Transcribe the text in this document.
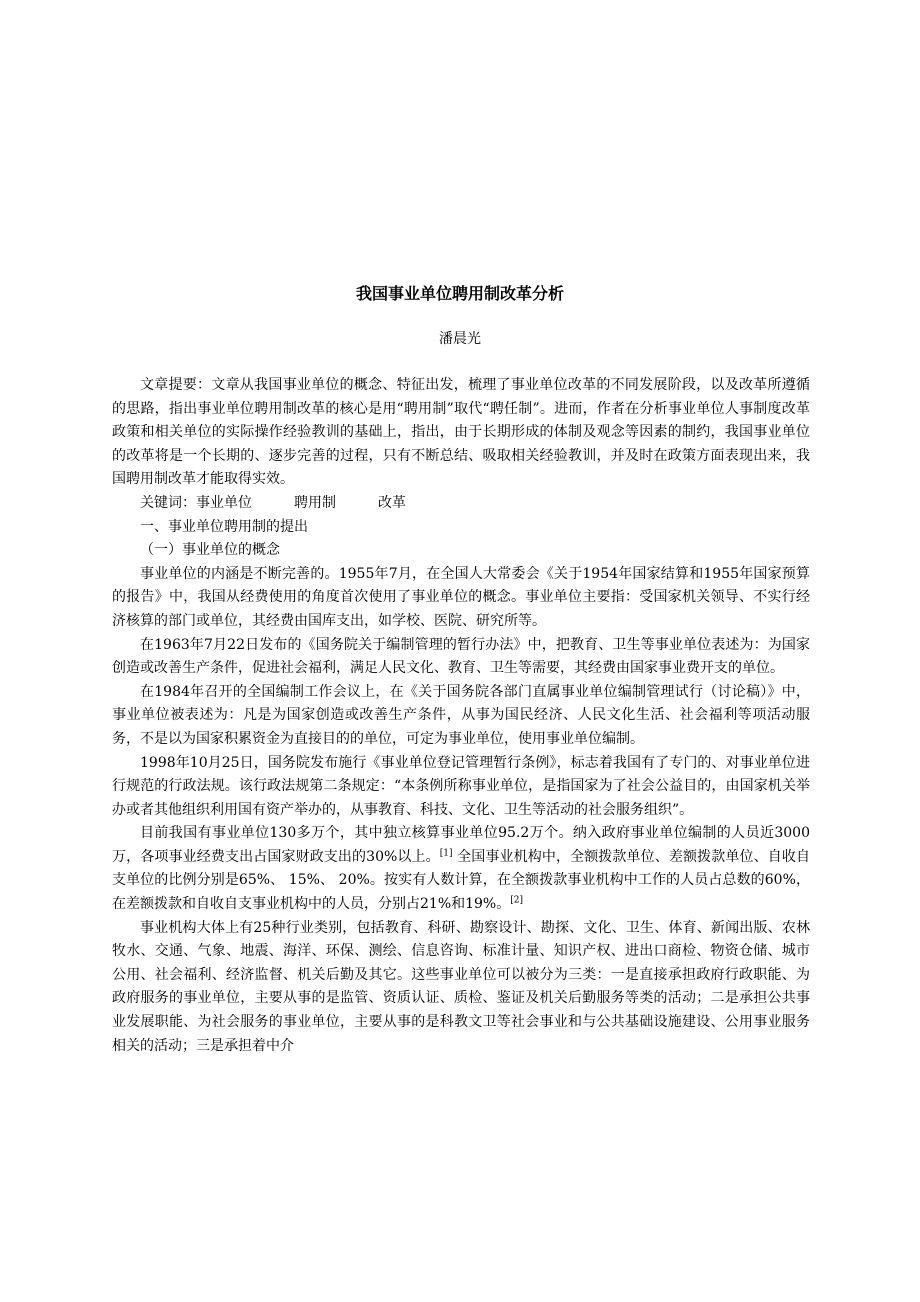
我国事业单位聘用制改革分析
潘晨光

文章提要：文章从我国事业单位的概念、特征出发，梳理了事业单位改革的不同发展阶段，以及改革所遵循的思路，指出事业单位聘用制改革的核心是用“聘用制”取代“聘任制”。进而，作者在分析事业单位人事制度改革政策和相关单位的实际操作经验教训的基础上，指出，由于长期形成的体制及观念等因素的制约，我国事业单位的改革将是一个长期的、逐步完善的过程，只有不断总结、吸取相关经验教训，并及时在政策方面表现出来，我国聘用制改革才能取得实效。

关键词：事业单位	聘用制	改革

一、事业单位聘用制的提出

（一）事业单位的概念

事业单位的内涵是不断完善的。1955年7月，在全国人大常委会《关于1954年国家结算和1955年国家预算的报告》中，我国从经费使用的角度首次使用了事业单位的概念。事业单位主要指：受国家机关领导、不实行经济核算的部门或单位，其经费由国库支出，如学校、医院、研究所等。

在1963年7月22日发布的《国务院关于编制管理的暂行办法》中，把教育、卫生等事业单位表述为：为国家创造或改善生产条件，促进社会福利，满足人民文化、教育、卫生等需要，其经费由国家事业费开支的单位。

在1984年召开的全国编制工作会议上，在《关于国务院各部门直属事业单位编制管理试行（讨论稿）》中，事业单位被表述为：凡是为国家创造或改善生产条件，从事为国民经济、人民文化生活、社会福利等项活动服务，不是以为国家积累资金为直接目的的单位，可定为事业单位，使用事业单位编制。

1998年10月25日，国务院发布施行《事业单位登记管理暂行条例》，标志着我国有了专门的、对事业单位进行规范的行政法规。该行政法规第二条规定：“本条例所称事业单位，是指国家为了社会公益目的，由国家机关举办或者其他组织利用国有资产举办的，从事教育、科技、文化、卫生等活动的社会服务组织”。

目前我国有事业单位130多万个，其中独立核算事业单位95.2万个。纳入政府事业单位编制的人员近3000万，各项事业经费支出占国家财政支出的30%以上。[1] 全国事业机构中，全额拨款单位、差额拨款单位、自收自支单位的比例分别是65%、 15%、 20%。按实有人数计算，在全额拨款事业机构中工作的人员占总数的60%，在差额拨款和自收自支事业机构中的人员，分别占21%和19%。[2]

事业机构大体上有25种行业类别，包括教育、科研、勘察设计、勘探、文化、卫生、体育、新闻出版、农林牧水、交通、气象、地震、海洋、环保、测绘、信息咨询、标准计量、知识产权、进出口商检、物资仓储、城市公用、社会福利、经济监督、机关后勤及其它。这些事业单位可以被分为三类：一是直接承担政府行政职能、为政府服务的事业单位，主要从事的是监管、资质认证、质检、鉴证及机关后勤服务等类的活动；二是承担公共事业发展职能、为社会服务的事业单位，主要从事的是科教文卫等社会事业和与公共基础设施建设、公用事业服务相关的活动；三是承担着中介
